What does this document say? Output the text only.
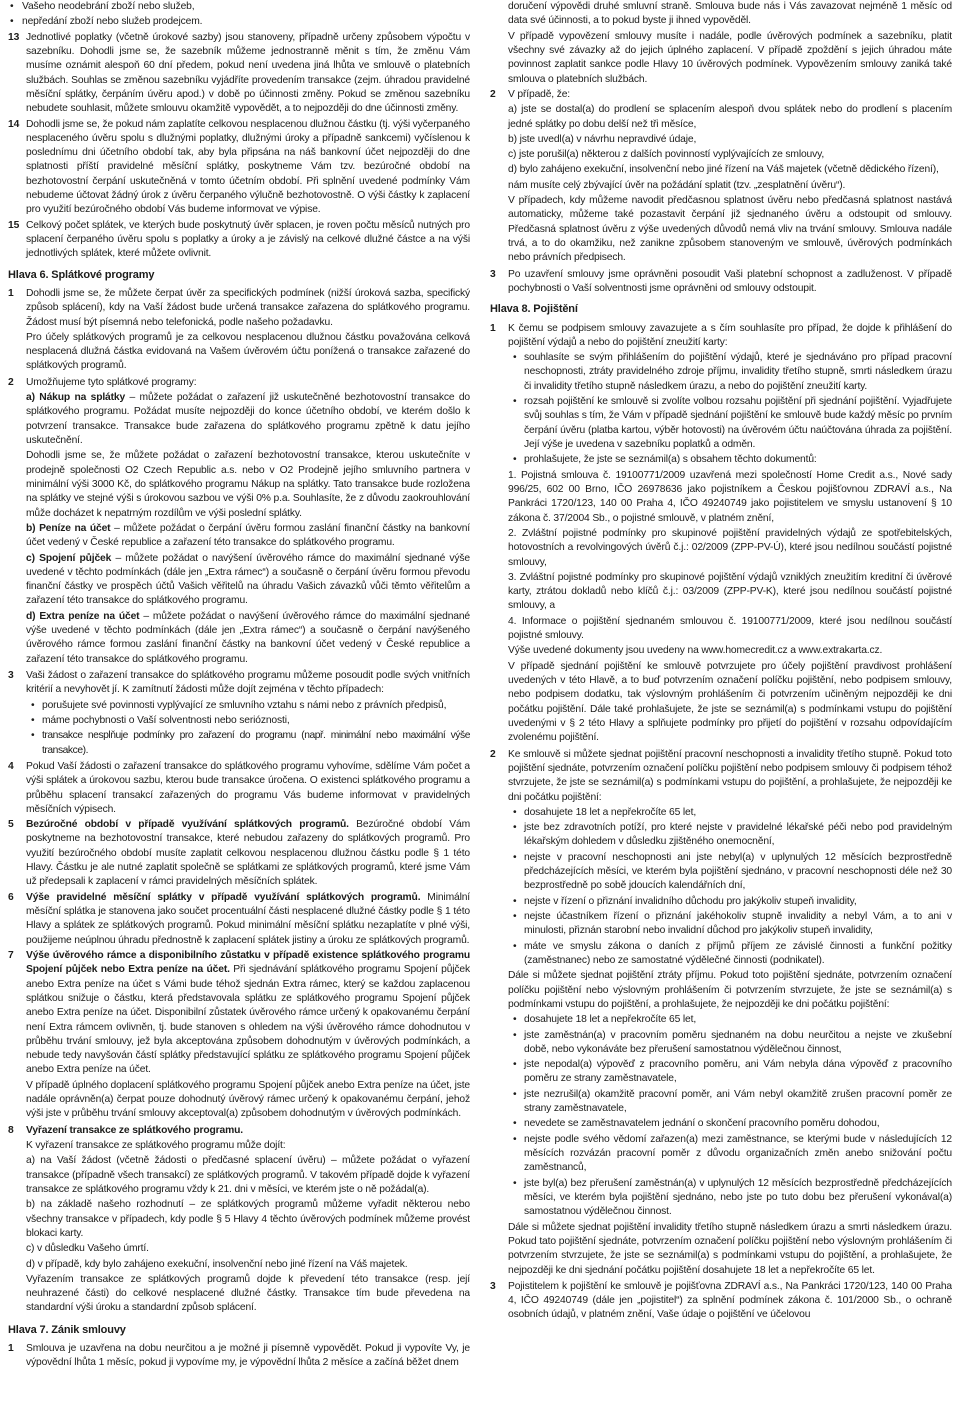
• Vašeho neodebrání zboží nebo služeb,
• nepředání zboží nebo služeb prodejcem.
13 Jednotlivé poplatky (včetně úrokové sazby) jsou stanoveny, případně určeny způsobem výpočtu v sazebníku. Dohodli jsme se, že sazebník můžeme jednostranně měnit s tím, že změnu Vám musíme oznámit alespoň 60 dní předem, pokud není uvedena jiná lhůta ve smlouvě o platebních službách. Souhlas se změnou sazebníku vyjádříte provedením transakce (zejm. úhradou pravidelné měsíční splátky, čerpáním úvěru apod.) v době po účinnosti změny. Pokud se změnou sazebníku nebudete souhlasit, můžete smlouvu okamžitě vypovědět, a to nejpozději do dne účinnosti změny.
14 Dohodli jsme se, že pokud nám zaplatíte celkovou nesplacenou dlužnou částku (tj. výši vyčerpaného nesplaceného úvěru spolu s dlužnými poplatky, dlužnými úroky a případně sankcemi) vyčíslenou k poslednímu dni účetního období tak, aby byla připsána na náš bankovní účet nejpozději do dne splatnosti příští pravidelné měsíční splátky, poskytneme Vám tzv. bezúročné období na bezhotovostní čerpání uskutečněná v tomto účetním období. Při splnění uvedené podmínky Vám nebudeme účtovat žádný úrok z úvěru čerpaného výlučně bezhotovostně. O výši částky k zaplacení pro využití bezúročného období Vás budeme informovat ve výpise.
15 Celkový počet splátek, ve kterých bude poskytnutý úvěr splacen, je roven počtu měsíců nutných pro splacení čerpaného úvěru spolu s poplatky a úroky a je závislý na celkové dlužné částce a na výši jednotlivých splátek, které můžete ovlivnit.
Hlava 6. Splátkové programy
1	Dohodli jsme se, že můžete čerpat úvěr za specifických podmínek (nižší úroková sazba, specifický způsob splácení), kdy na Vaší žádost bude určená transakce zařazena do splátkového programu. Žádost musí být písemná nebo telefonická, podle našeho požadavku.

Pro účely splátkových programů je za celkovou nesplacenou dlužnou částku považována celková nesplacená dlužná částka evidovaná na Vašem úvěrovém účtu ponížená o transakce zařazené do splátkových programů.

2	Umožňujeme tyto splátkové programy:

a) Nákup na splátky – můžete požádat o zařazení již uskutečněné bezhotovostní transakce do splátkového programu. Požádat musíte nejpozději do konce účetního období, ve kterém došlo k potvrzení transakce. Transakce bude zařazena do splátkového programu zpětně k datu jejího uskutečnění.

Dohodli jsme se, že můžete požádat o zařazení bezhotovostní transakce, kterou uskutečníte v prodejně společnosti O2 Czech Republic a.s. nebo v O2 Prodejně jejího smluvního partnera v minimální výši 3000 Kč, do splátkového programu Nákup na splátky. Tato transakce bude rozložena na splátky ve stejné výši s úrokovou sazbou ve výši 0% p.a. Souhlasíte, že z důvodu zaokrouhlování může docházet k nepatrným rozdílům ve výši poslední splátky.

b) Peníze na účet – můžete požádat o čerpání úvěru formou zaslání finanční částky na bankovní účet vedený v České republice a zařazení této transakce do splátkového programu.

c) Spojení půjček – můžete požádat o navýšení úvěrového rámce do maximální sjednané výše uvedené v těchto podmínkách (dále jen „Extra rámec“) a současně o čerpání úvěru formou převodu finanční částky ve prospěch účtů Vašich věřitelů na úhradu Vašich závazků vůči těmto věřitelům a zařazení této transakce do splátkového programu.

d) Extra peníze na účet – můžete požádat o navýšení úvěrového rámce do maximální sjednané výše uvedené v těchto podmínkách (dále jen „Extra rámec“) a současně o čerpání navýšeného úvěrového rámce formou zaslání finanční částky na bankovní účet vedený v České republice a zařazení této transakce do splátkového programu.

3	Vaši žádost o zařazení transakce do splátkového programu můžeme posoudit podle svých vnitřních kritérií a nevyhovět jí. K zamítnutí žádosti může dojít zejména v těchto případech:

• porušujete své povinnosti vyplývající ze smluvního vztahu s námi nebo z právních předpisů,
• máme pochybnosti o Vaší solventnosti nebo serióznosti,
• transakce nesplňuje podmínky pro zařazení do programu (např. minimální nebo maximální výše transakce).
4	Pokud Vaší žádosti o zařazení transakce do splátkového programu vyhovíme, sdělíme Vám počet a výši splátek a úrokovou sazbu, kterou bude transakce úročena. O existenci splátkového programu a průběhu splacení transakcí zařazených do programu Vás budeme informovat v pravidelných měsíčních výpisech.
5	Bezúročné období v případě využívání splátkových programů. Bezúročné období Vám poskytneme na bezhotovostní transakce, které nebudou zařazeny do splátkových programů. Pro využití bezúročného období musíte zaplatit celkovou nesplacenou dlužnou částku podle § 1 této Hlavy. Částku je ale nutné zaplatit společně se splátkami ze splátkových programů, které jsme Vám už předepsali k zaplacení v rámci pravidelných měsíčních splátek.
6	Výše pravidelné měsíční splátky v případě využívání splátkových programů. Minimální měsíční splátka je stanovena jako součet procentuální části nesplacené dlužné částky podle § 1 této Hlavy a splátek ze splátkových programů. Pokud minimální měsíční splátku nezaplatíte v plné výši, použijeme neúplnou úhradu přednostně k zaplacení splátek jistiny a úroku ze splátkových programů.
7	Výše úvěrového rámce a disponibilního zůstatku v případě existence splátkového programu Spojení půjček nebo Extra peníze na účet. Při sjednávání splátkového programu Spojení půjček anebo Extra peníze na účet s Vámi bude téhož sjednán Extra rámec, který se každou zaplacenou splátkou snižuje o částku, která představovala splátku ze splátkového programu Spojení půjček anebo Extra peníze na účet. Disponibilní zůstatek úvěrového rámce určený k opakovanému čerpání není Extra rámcem ovlivněn, tj. bude stanoven s ohledem na výši úvěrového rámce dohodnutou v průběhu trvání smlouvy, jež byla akceptována způsobem dohodnutým v úvěrových podmínkách, a nebude tedy navyšován částí splátky představující splátku ze splátkového programu Spojení půjček anebo Extra peníze na účet.

V případě úplného doplacení splátkového programu Spojení půjček anebo Extra peníze na účet, jste nadále oprávněn(a) čerpat pouze dohodnutý úvěrový rámec určený k opakovanému čerpání, jehož výši jste v průběhu trvání smlouvy akceptoval(a) způsobem dohodnutým v úvěrových podmínkách.

8	Vyřazení transakce ze splátkového programu.

K vyřazení transakce ze splátkového programu může dojít:

a) na Vaší žádost (včetně žádosti o předčasné splacení úvěru) – můžete požádat o vyřazení transakce (případně všech transakcí) ze splátkových programů. V takovém případě dojde k vyřazení transakce ze splátkového programu vždy k 21. dni v měsíci, ve kterém jste o ně požádal(a).

b) na základě našeho rozhodnutí – ze splátkových programů můžeme vyřadit některou nebo všechny transakce v případech, kdy podle § 5 Hlavy 4 těchto úvěrových podmínek můžeme provést blokaci karty.

c) v důsledku Vašeho úmrtí.

d) v případě, kdy bylo zahájeno exekuční, insolvenční nebo jiné řízení na Váš majetek.

Vyřazením transakce ze splátkových programů dojde k převedení této transakce (resp. její neuhrazené části) do celkové nesplacené dlužné částky. Transakce tím bude převedena na standardní výši úroku a standardní způsob splácení.

Hlava 7. Zánik smlouvy
1	Smlouva je uzavřena na dobu neurčitou a je možné ji písemně vypovědět. Pokud ji vypovíte Vy, je výpovědní lhůta 1 měsíc, pokud ji vypovíme my, je výpovědní lhůta 2 měsíce a začíná běžet dnem

doručení výpovědi druhé smluvní straně. Smlouva bude nás i Vás zavazovat nejméně 1 měsíc od data své účinnosti, a to pokud byste ji ihned vypověděl.

V případě vypovězení smlouvy musíte i nadále, podle úvěrových podmínek a sazebníku, platit všechny své závazky až do jejich úplného zaplacení. V případě zpoždění s jejich úhradou máte povinnost zaplatit sankce podle Hlavy 10 úvěrových podmínek. Vypovězením smlouvy zaniká také smlouva o platebních službách.

2	V případě, že:

a) jste se dostal(a) do prodlení se splacením alespoň dvou splátek nebo do prodlení s placením jedné splátky po dobu delší než tři měsíce,

b) jste uvedl(a) v návrhu nepravdivé údaje,

c) jste porušil(a) některou z dalších povinností vyplývajících ze smlouvy,

d) bylo zahájeno exekuční, insolvenční nebo jiné řízení na Váš majetek (včetně dědického řízení),

nám musíte celý zbývající úvěr na požádání splatit (tzv. „zesplatnění úvěru“).

V případech, kdy můžeme navodit předčasnou splatnost úvěru nebo předčasná splatnost nastává automaticky, můžeme také pozastavit čerpání již sjednaného úvěru a odstoupit od smlouvy. Předčasná splatnost úvěru z výše uvedených důvodů nemá vliv na trvání smlouvy. Smlouva nadále trvá, a to do okamžiku, než zanikne způsobem stanoveným ve smlouvě, úvěrových podmínkách nebo právních předpisech.

3	Po uzavření smlouvy jsme oprávněni posoudit Vaši platební schopnost a zadluženost. V případě pochybnosti o Vaší solventnosti jsme oprávněni od smlouvy odstoupit.
Hlava 8. Pojištění
1	K čemu se podpisem smlouvy zavazujete a s čím souhlasíte pro případ, že dojde k přihlášení do pojištění výdajů a nebo do pojištění zneužití karty:

• souhlasíte se svým přihlášením do pojištění výdajů, které je sjednáváno pro případ pracovní neschopnosti, ztráty pravidelného zdroje příjmu, invalidity třetího stupně, smrti následkem úrazu či invalidity třetího stupně následkem úrazu, a nebo do pojištění zneužití karty.
• rozsah pojištění ke smlouvě si zvolíte volbou rozsahu pojištění při sjednání pojištění. Vyjadřujete svůj souhlas s tím, že Vám v případě sjednání pojištění ke smlouvě bude každý měsíc po prvním čerpání úvěru (platba kartou, výběr hotovosti) na úvěrovém účtu naúčtována úhrada za pojištění. Její výše je uvedena v sazebníku poplatků a odměn.
• prohlašujete, že jste se seznámil(a) s obsahem těchto dokumentů:

1. Pojistná smlouva č. 19100771/2009 uzavřená mezi společností Home Credit a.s., Nové sady 996/25, 602 00 Brno, IČO 26978636 jako pojistníkem a Českou pojišťovnou ZDRAVÍ a.s., Na Pankráci 1720/123, 140 00 Praha 4, IČO 49240749 jako pojistitelem ve smyslu ustanovení § 10 zákona č. 37/2004 Sb., o pojistné smlouvě, v platném znění,

2. Zvláštní pojistné podmínky pro skupinové pojištění pravidelných výdajů ze spotřebitelských, hotovostních a revolvingových úvěrů č.j.: 02/2009 (ZPP-PV-Ú), které jsou nedílnou součástí pojistné smlouvy,

3. Zvláštní pojistné podmínky pro skupinové pojištění výdajů vzniklých zneužitím kreditní či úvěrové karty, ztrátou dokladů nebo klíčů č.j.: 03/2009 (ZPP-PV-K), které jsou nedílnou součástí pojistné smlouvy, a

4. Informace o pojištění sjednaném smlouvou č. 19100771/2009, které jsou nedílnou součástí pojistné smlouvy.

Výše uvedené dokumenty jsou uvedeny na www.homecredit.cz a www.extrakarta.cz.

V případě sjednání pojištění ke smlouvě potvrzujete pro účely pojištění pravdivost prohlášení uvedených v této Hlavě, a to buď potvrzením označení políčku pojištění, nebo podpisem smlouvy, nebo podpisem dodatku, tak výslovným prohlášením či potvrzením učiněným nejpozději ke dni počátku pojištění. Dále také prohlašujete, že jste se seznámil(a) s podmínkami vstupu do pojištění uvedenými v § 2 této Hlavy a splňujete podmínky pro přijetí do pojištění v rozsahu odpovídajícím zvolenému pojištění.

2	Ke smlouvě si můžete sjednat pojištění pracovní neschopnosti a invalidity třetího stupně. Pokud toto pojištění sjednáte, potvrzením označení políčku pojištění nebo podpisem smlouvy či podpisem téhož stvrzujete, že jste se seznámil(a) s podmínkami vstupu do pojištění, a prohlašujete, že nejpozději ke dni počátku pojištění:

• dosahujete 18 let a nepřekročíte 65 let,
• jste bez zdravotních potíží, pro které nejste v pravidelné lékařské péči nebo pod pravidelným lékařským dohledem v důsledku zjištěného onemocnění,
• nejste v pracovní neschopnosti ani jste nebyl(a) v uplynulých 12 měsících bezprostředně předcházejících měsíci, ve kterém byla pojištění sjednáno, v pracovní neschopnosti déle než 30 bezprostředně po sobě jdoucích kalendářních dní,
• nejste v řízení o přiznání invalidního důchodu pro jakýkoliv stupeň invalidity,
• nejste účastníkem řízení o přiznání jakéhokoliv stupně invalidity a nebyl Vám, a to ani v minulosti, přiznán starobní nebo invalidní důchod pro jakýkoliv stupeň invalidity,
• máte ve smyslu zákona o daních z příjmů příjem ze závislé činnosti a funkční požitky (zaměstnanec) nebo ze samostatné výdělečné činnosti (podnikatel).

Dále si můžete sjednat pojištění ztráty příjmu. Pokud toto pojištění sjednáte, potvrzením označení políčku pojištění nebo výslovným prohlášením či potvrzením stvrzujete, že jste se seznámil(a) s podmínkami vstupu do pojištění, a prohlašujete, že nejpozději ke dni počátku pojištění:

• dosahujete 18 let a nepřekročíte 65 let,
• jste zaměstnán(a) v pracovním poměru sjednaném na dobu neurčitou a nejste ve zkušební době, nebo vykonáváte bez přerušení samostatnou výdělečnou činnost,
• jste nepodal(a) výpověď z pracovního poměru, ani Vám nebyla dána výpověď z pracovního poměru ze strany zaměstnavatele,
• jste nezrušil(a) okamžitě pracovní poměr, ani Vám nebyl okamžitě zrušen pracovní poměr ze strany zaměstnavatele,
• nevedete se zaměstnavatelem jednání o skončení pracovního poměru dohodou,
• nejste podle svého vědomí zařazen(a) mezi zaměstnance, se kterými bude v následujících 12 měsících rozvázán pracovní poměr z důvodu organizačních změn anebo snižování počtu zaměstnanců,
• jste byl(a) bez přerušení zaměstnán(a) v uplynulých 12 měsících bezprostředně předcházejících měsíci, ve kterém byla pojištění sjednáno, nebo jste po tuto dobu bez přerušení vykonával(a) samostatnou výdělečnou činnost.

Dále si můžete sjednat pojištění invalidity třetího stupně následkem úrazu a smrti následkem úrazu. Pokud tato pojištění sjednáte, potvrzením označení políčku pojištění nebo výslovným prohlášením či potvrzením stvrzujete, že jste se seznámil(a) s podmínkami vstupu do pojištění, a prohlašujete, že nejpozději ke dni sjednání počátku pojištění dosahujete 18 let a nepřekročíte 65 let.

3	Pojistitelem k pojištění ke smlouvě je pojišťovna ZDRAVÍ a.s., Na Pankráci 1720/123, 140 00 Praha 4, IČO 49240749 (dále jen „pojistitel“) za splnění podmínek zákona č. 101/2000 Sb., o ochraně osobních údajů, v platném znění, Vaše údaje o pojištění ve účelovou
